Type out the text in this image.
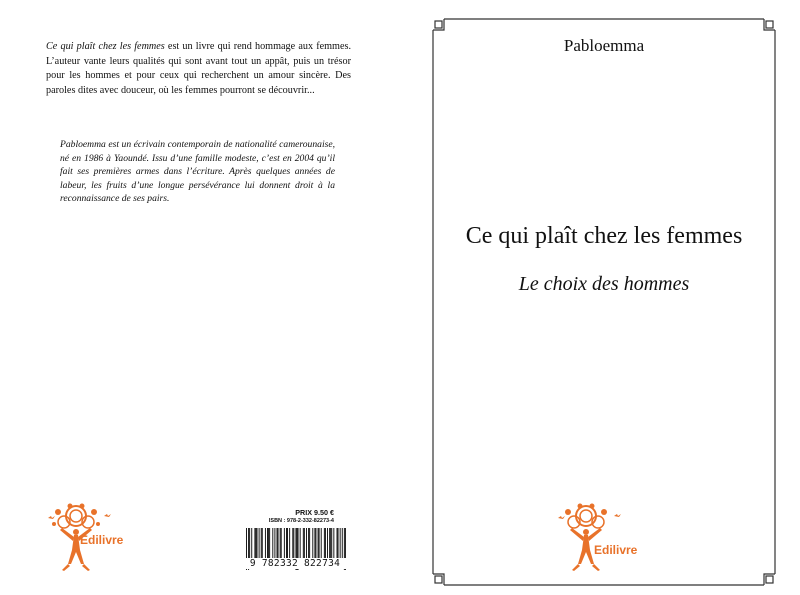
Ce qui plaît chez les femmes est un livre qui rend hommage aux femmes. L’auteur vante leurs qualités qui sont avant tout un appât, puis un trésor pour les hommes et pour ceux qui recherchent un amour sincère. Des paroles dites avec douceur, où les femmes pourront se découvrir...
Pabloemma est un écrivain contemporain de nationalité camerounaise, né en 1986 à Yaoundé. Issu d’une famille modeste, c’est en 2004 qu’il fait ses premières armes dans l’écriture. Après quelques années de labeur, les fruits d’une longue persévérance lui donnent droit à la reconnaissance de ses pairs.
Edilivre
PRIX 9.50 €
ISBN : 978-2-332-82273-4
9 782332 822734
Pabloemma
Ce qui plaît chez les femmes
Le choix des hommes
Edilivre
